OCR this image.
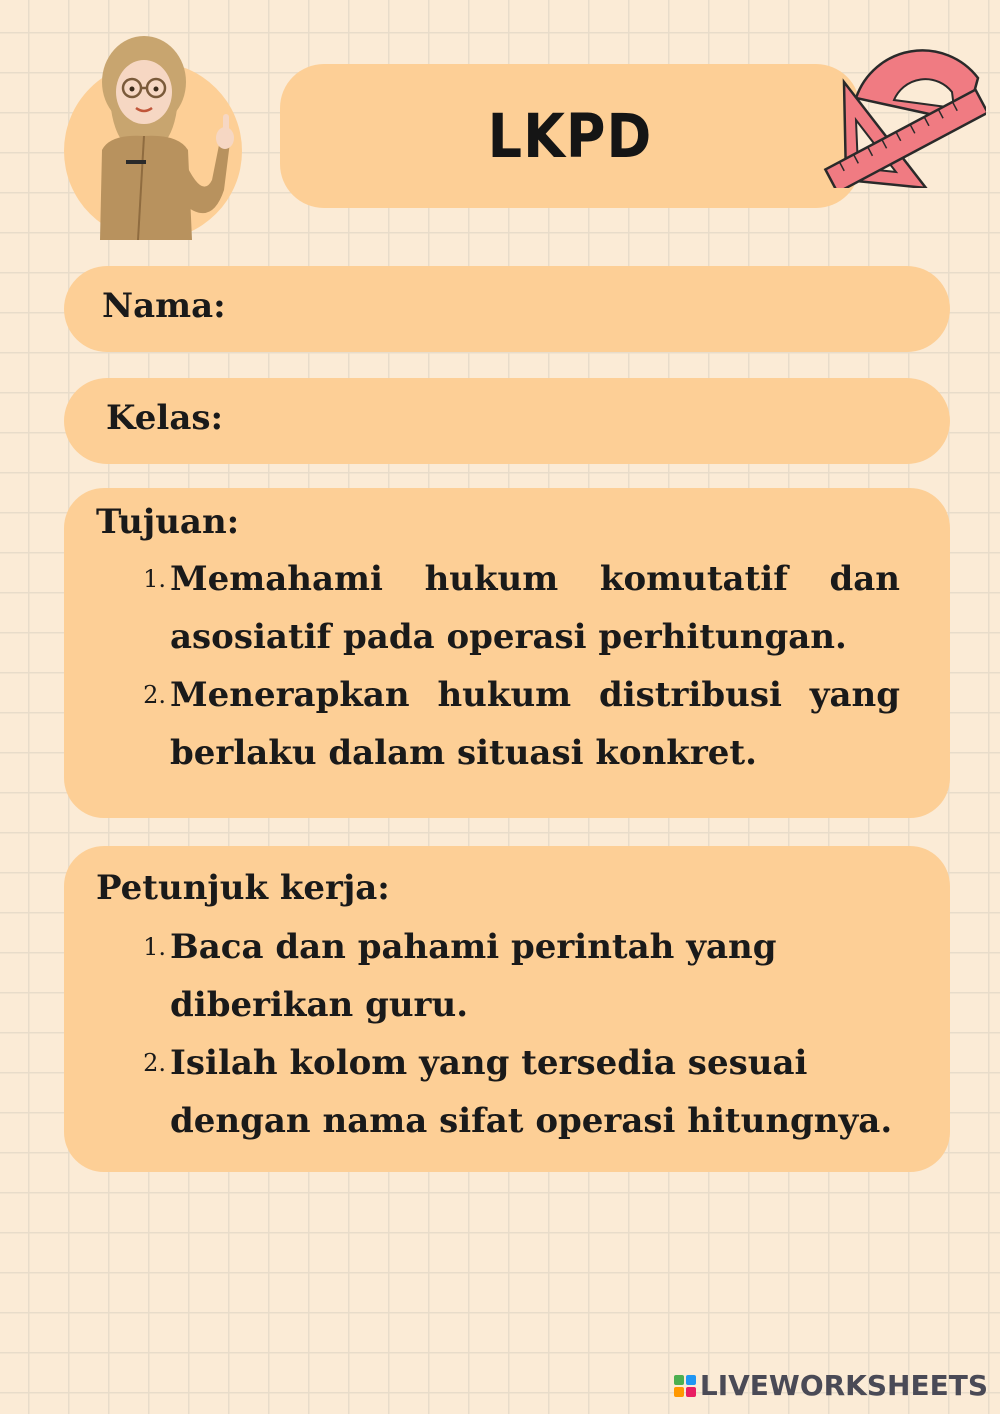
LKPD
Nama:
Kelas:
Tujuan:
1. Memahami hukum komutatif dan asosiatif pada operasi perhitungan.
2. Menerapkan hukum distribusi yang berlaku dalam situasi konkret.
Petunjuk kerja:
1. Baca dan pahami perintah yang diberikan guru.
2. Isilah kolom yang tersedia sesuai dengan nama sifat operasi hitungnya.
LIVEWORKSHEETS
